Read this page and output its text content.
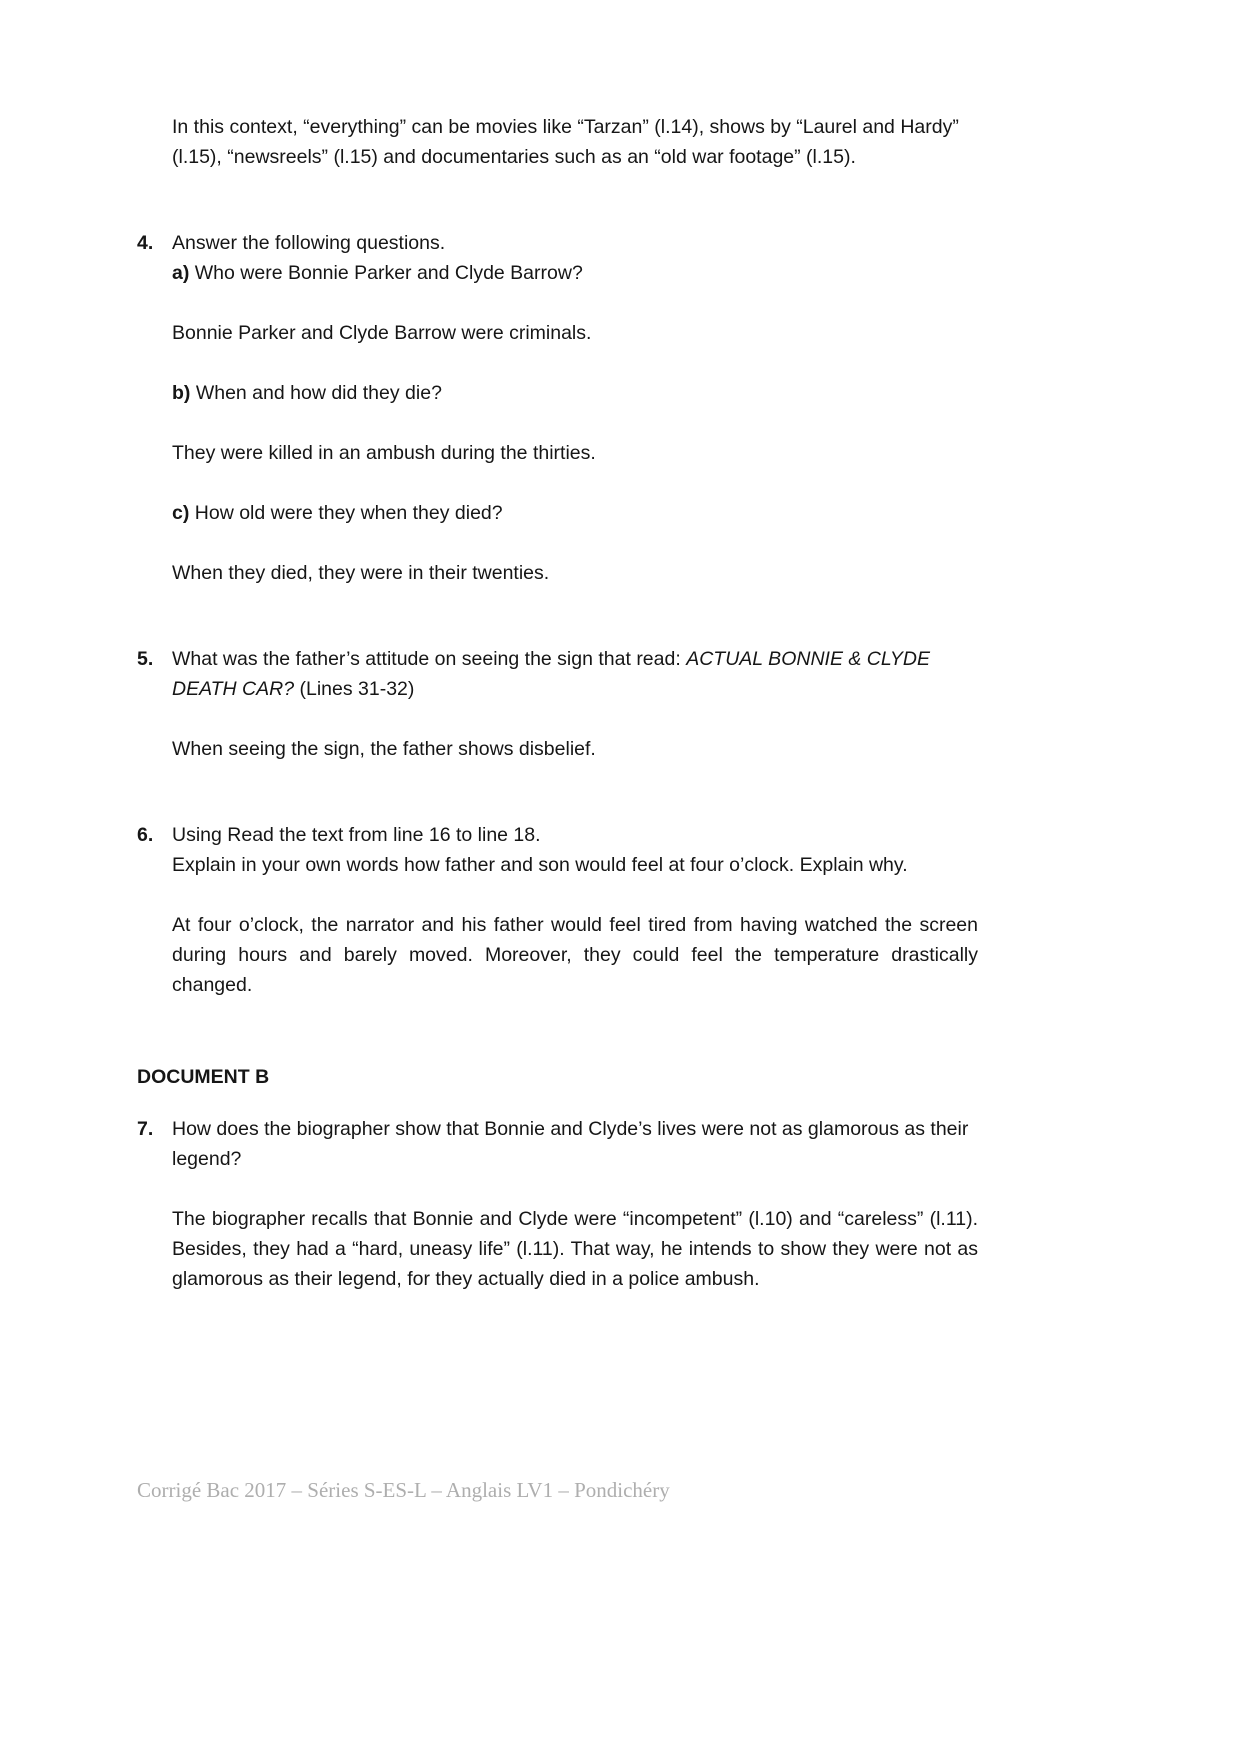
In this context, “everything” can be movies like “Tarzan” (l.14), shows by “Laurel and Hardy” (l.15), “newsreels” (l.15) and documentaries such as an “old war footage” (l.15).

4. Answer the following questions.

a) Who were Bonnie Parker and Clyde Barrow?

Bonnie Parker and Clyde Barrow were criminals.

b) When and how did they die?

They were killed in an ambush during the thirties.

c) How old were they when they died?

When they died, they were in their twenties.

5. What was the father’s attitude on seeing the sign that read: ACTUAL BONNIE & CLYDE DEATH CAR? (Lines 31-32)

When seeing the sign, the father shows disbelief.

6. Using Read the text from line 16 to line 18.

Explain in your own words how father and son would feel at four o’clock. Explain why.

At four o’clock, the narrator and his father would feel tired from having watched the screen during hours and barely moved. Moreover, they could feel the temperature drastically changed.

DOCUMENT B
7. How does the biographer show that Bonnie and Clyde’s lives were not as glamorous as their legend?

The biographer recalls that Bonnie and Clyde were “incompetent” (l.10) and “careless” (l.11). Besides, they had a “hard, uneasy life” (l.11). That way, he intends to show they were not as glamorous as their legend, for they actually died in a police ambush.

Corrigé Bac 2017 – Séries S-ES-L – Anglais LV1 – Pondichéry
